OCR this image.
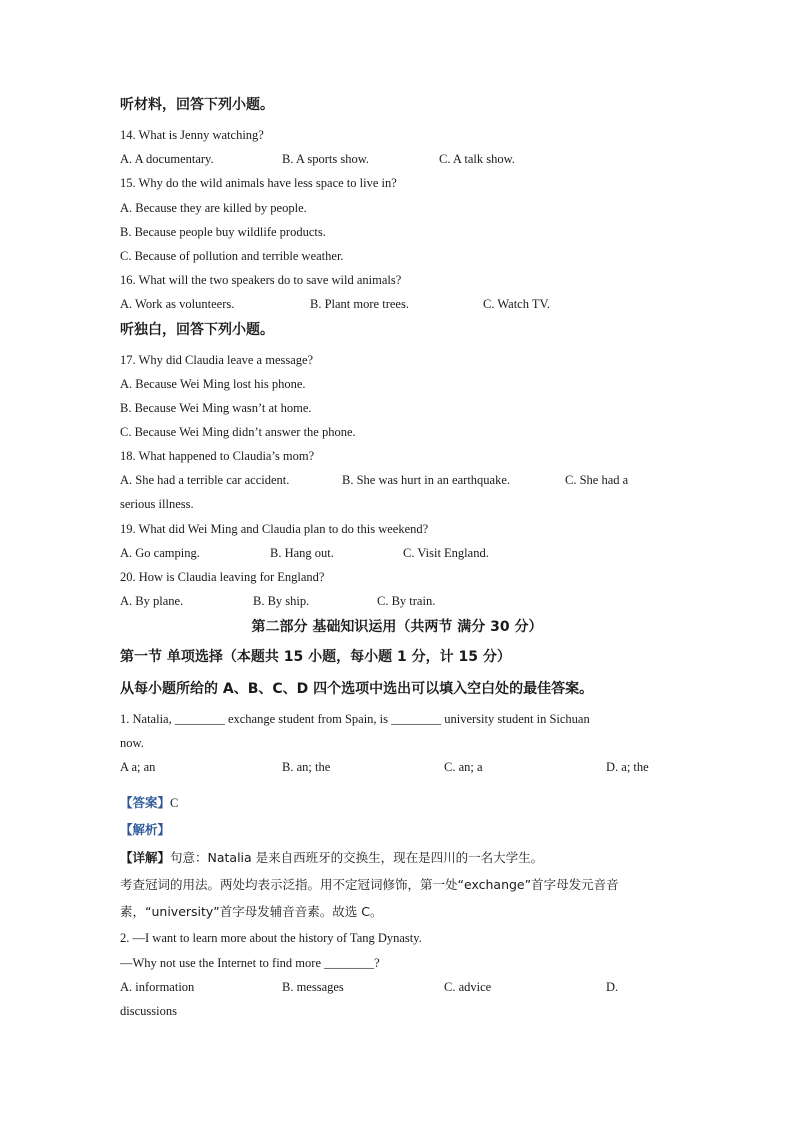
听材料，回答下列小题。
14. What is Jenny watching?
A. A documentary.	B. A sports show.	C. A talk show.
15. Why do the wild animals have less space to live in?
A. Because they are killed by people.
B. Because people buy wildlife products.
C. Because of pollution and terrible weather.
16. What will the two speakers do to save wild animals?
A. Work as volunteers.	B. Plant more trees.	C. Watch TV.
听独白，回答下列小题。
17. Why did Claudia leave a message?
A. Because Wei Ming lost his phone.
B. Because Wei Ming wasn’t at home.
C. Because Wei Ming didn’t answer the phone.
18. What happened to Claudia’s mom?
A. She had a terrible car accident.	B. She was hurt in an earthquake.	C. She had a
serious illness.
19. What did Wei Ming and Claudia plan to do this weekend?
A. Go camping.	B. Hang out.	C. Visit England.
20. How is Claudia leaving for England?
A. By plane.	B. By ship.	C. By train.
第二部分 基础知识运用（共两节 满分 30 分）
第一节 单项选择（本题共 15 小题，每小题 1 分，计 15 分）
从每小题所给的 A、B、C、D 四个选项中选出可以填入空白处的最佳答案。
1. Natalia, ________ exchange student from Spain, is ________ university student in Sichuan
now.
A a; an	B. an; the	C. an; a	D. a; the
【答案】C
【解析】
【详解】句意：Natalia 是来自西班牙的交换生，现在是四川的一名大学生。
考查冠词的用法。两处均表示泛指。用不定冠词修饰，第一处“exchange”首字母发元音音
素，“university”首字母发辅音音素。故选 C。
2. —I want to learn more about the history of Tang Dynasty.
—Why not use the Internet to find more ________?
A. information	B. messages	C. advice	D.
discussions
